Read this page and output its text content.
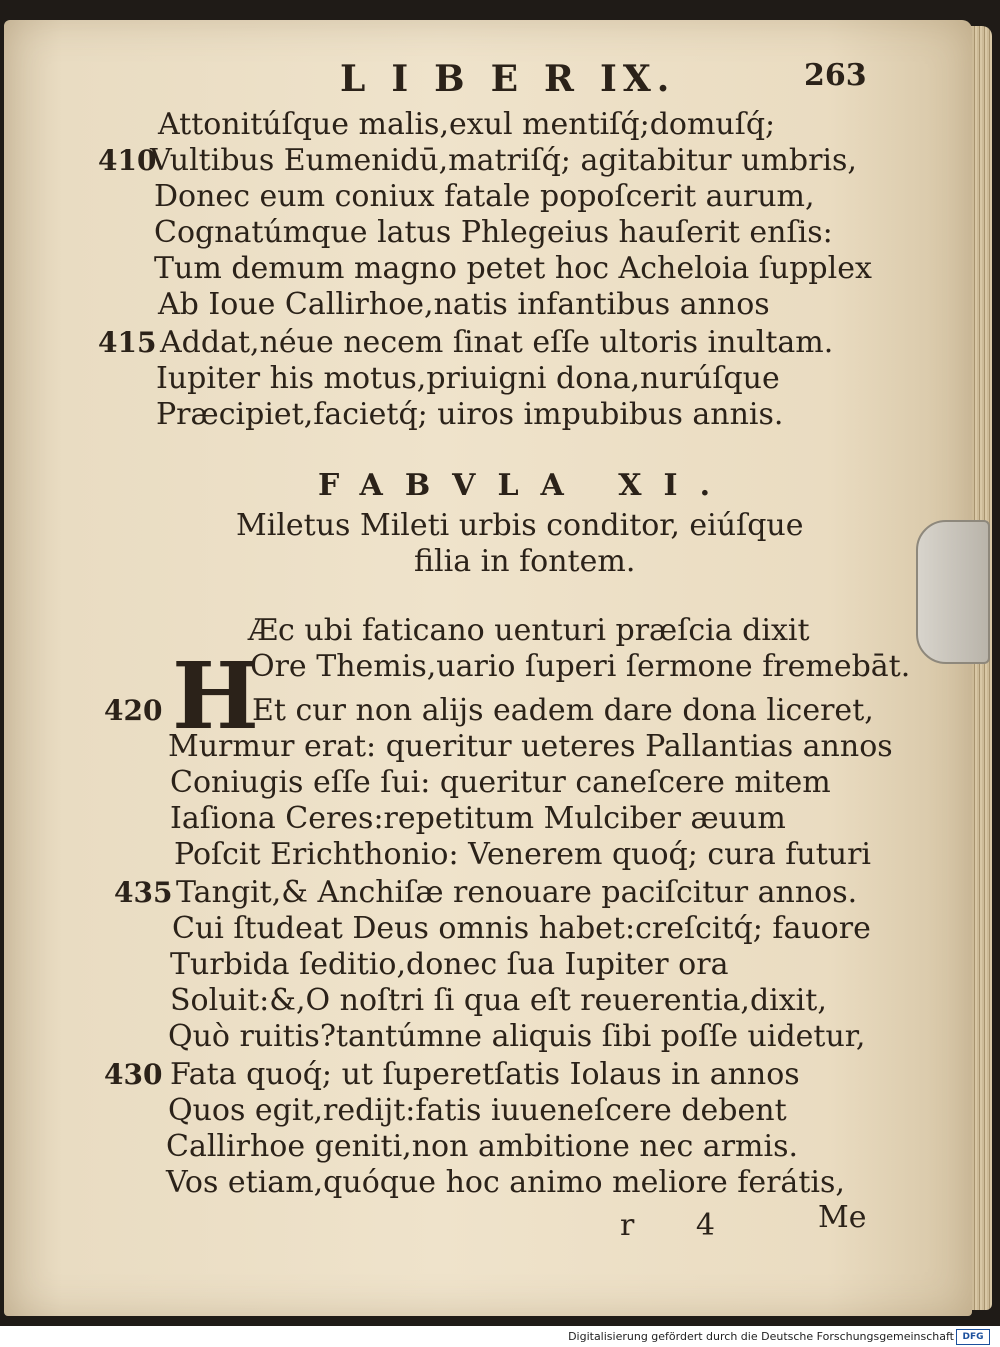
LIBER IX.	263
410
415
Attonitúſque malis,exul mentiſq́;domuſq́;
Vultibus Eumenidū,matriſq́; agitabitur umbris,
Donec eum coniux fatale popoſcerit aurum,
Cognatúmque latus Phlegeius hauſerit enſis:
Tum demum magno petet hoc Acheloia ſupplex
Ab Ioue Callirhoe,natis infantibus annos
Addat,néue necem ſinat eſſe ultoris inultam.
Iupiter his motus,priuigni dona,nurúſque
Præcipiet,facietq́; uiros impubibus annis.
FABVLA XI.
Miletus Mileti urbis conditor, eiúſque
filia in fontem.
H
420
435
430
Æc ubi faticano uenturi præſcia dixit
Ore Themis,uario ſuperi ſermone fremebāt.
Et cur non alijs eadem dare dona liceret,
Murmur erat: queritur ueteres Pallantias annos
Coniugis eſſe ſui: queritur caneſcere mitem
Iaſiona Ceres:repetitum Mulciber æuum
Poſcit Erichthonio: Venerem quoq́; cura futuri
Tangit,& Anchiſæ renouare paciſcitur annos.
Cui ſtudeat Deus omnis habet:creſcitq́; fauore
Turbida ſeditio,donec ſua Iupiter ora
Soluit:&,O noſtri ſi qua eſt reuerentia,dixit,
Quò ruitis?tantúmne aliquis ſibi poſſe uidetur,
Fata quoq́; ut ſuperetſatis Iolaus in annos
Quos egit,redijt:fatis iuueneſcere debent
Callirhoe geniti,non ambitione nec armis.
Vos etiam,quóque hoc animo meliore ferátis,
r 4	Me
Digitalisierung gefördert durch die Deutsche Forschungsgemeinschaft DFG
